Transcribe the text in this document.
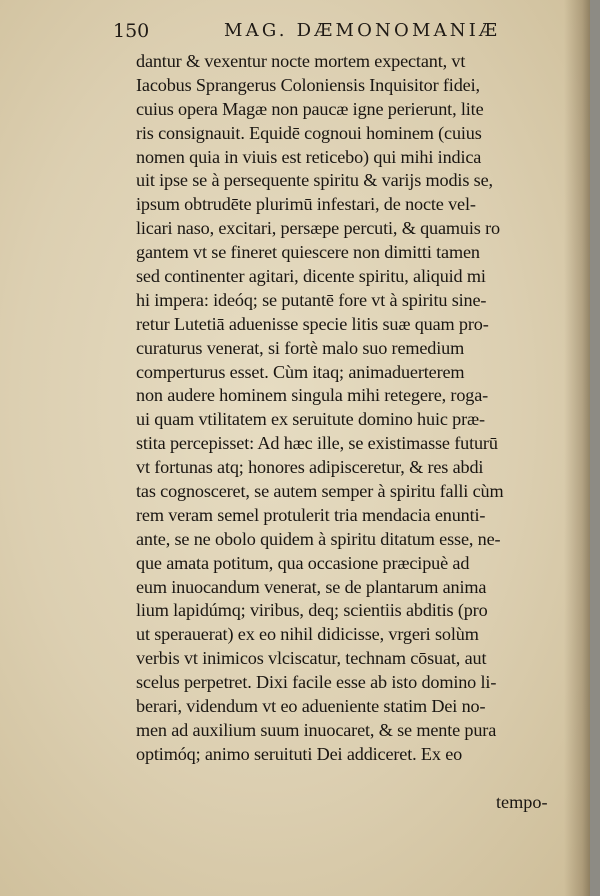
150	MAG. DÆMONOMANIÆ
dantur & vexentur nocte mortem expectant, vt
Iacobus Sprangerus Coloniensis Inquisitor fidei,
cuius opera Magæ non paucæ igne perierunt, lite
ris consignauit. Equidē cognoui hominem (cuius
nomen quia in viuis est reticebo) qui mihi indica
uit ipse se à persequente spiritu & varijs modis se,
ipsum obtrudēte plurimū infestari, de nocte vel-
licari naso, excitari, persæpe percuti, & quamuis ro
gantem vt se fineret quiescere non dimitti tamen
sed continenter agitari, dicente spiritu, aliquid mi
hi impera: ideóq; se putantē fore vt à spiritu sine-
retur Lutetiā aduenisse specie litis suæ quam pro-
curaturus venerat, si fortè malo suo remedium
comperturus esset. Cùm itaq; animaduerterem
non audere hominem singula mihi retegere, roga-
ui quam vtilitatem ex seruitute domino huic præ-
stita percepisset: Ad hæc ille, se existimasse futurū
vt fortunas atq; honores adipisceretur, & res abdi
tas cognosceret, se autem semper à spiritu falli cùm
rem veram semel protulerit tria mendacia enunti-
ante, se ne obolo quidem à spiritu ditatum esse, ne-
que amata potitum, qua occasione præcipuè ad
eum inuocandum venerat, se de plantarum anima
lium lapidúmq; viribus, deq; scientiis abditis (pro
ut sperauerat) ex eo nihil didicisse, vrgeri solùm
verbis vt inimicos vlciscatur, technam cōsuat, aut
scelus perpetret. Dixi facile esse ab isto domino li-
berari, videndum vt eo adueniente statim Dei no-
men ad auxilium suum inuocaret, & se mente pura
optimóq; animo seruituti Dei addiceret. Ex eo
tempo-
